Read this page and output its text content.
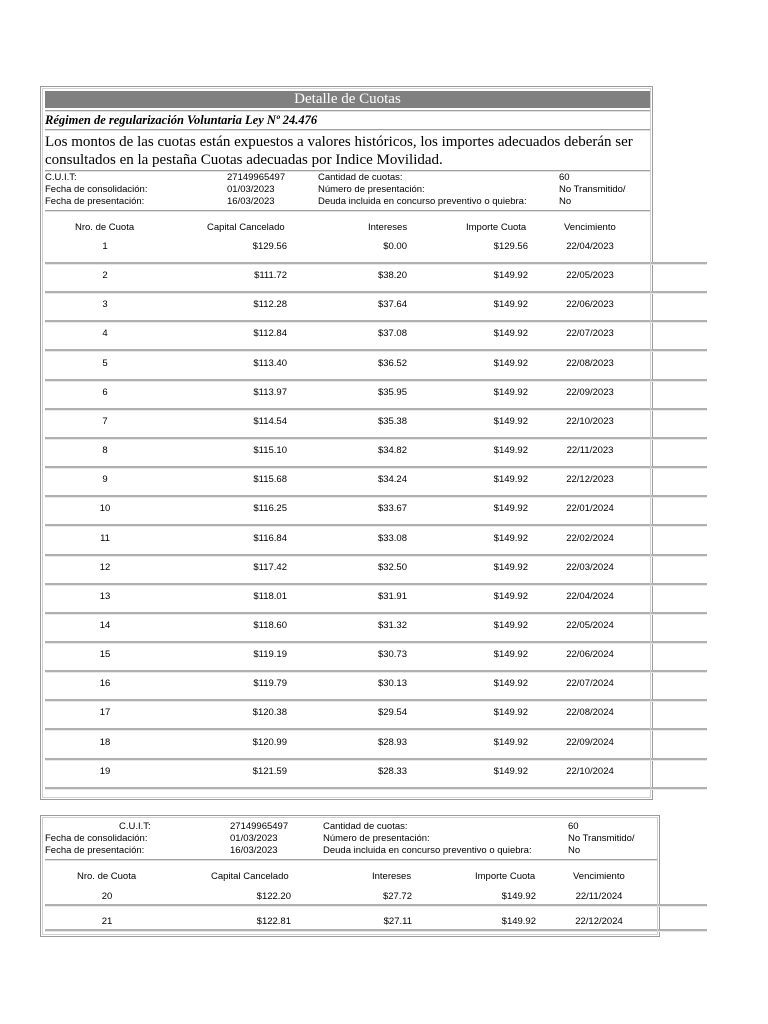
Detalle de Cuotas
Régimen de regularización Voluntaria Ley Nº 24.476
Los montos de las cuotas están expuestos a valores históricos, los importes adecuados deberán ser
consultados en la pestaña Cuotas adecuadas por Indice Movilidad.
C.U.I.T:	27149965497	Cantidad de cuotas:	60
Fecha de consolidación:	01/03/2023	Número de presentación:	No Transmitido/
Fecha de presentación:	16/03/2023	Deuda incluida en concurso preventivo o quiebra:	No
Nro. de Cuota	Capital Cancelado	Intereses	Importe Cuota	Vencimiento
1	$129.56	$0.00	$129.56	22/04/2023
2	$111.72	$38.20	$149.92	22/05/2023
3	$112.28	$37.64	$149.92	22/06/2023
4	$112.84	$37.08	$149.92	22/07/2023
5	$113.40	$36.52	$149.92	22/08/2023
6	$113.97	$35.95	$149.92	22/09/2023
7	$114.54	$35.38	$149.92	22/10/2023
8	$115.10	$34.82	$149.92	22/11/2023
9	$115.68	$34.24	$149.92	22/12/2023
10	$116.25	$33.67	$149.92	22/01/2024
11	$116.84	$33.08	$149.92	22/02/2024
12	$117.42	$32.50	$149.92	22/03/2024
13	$118.01	$31.91	$149.92	22/04/2024
14	$118.60	$31.32	$149.92	22/05/2024
15	$119.19	$30.73	$149.92	22/06/2024
16	$119.79	$30.13	$149.92	22/07/2024
17	$120.38	$29.54	$149.92	22/08/2024
18	$120.99	$28.93	$149.92	22/09/2024
19	$121.59	$28.33	$149.92	22/10/2024
C.U.I.T:	27149965497	Cantidad de cuotas:	60
Fecha de consolidación:	01/03/2023	Número de presentación:	No Transmitido/
Fecha de presentación:	16/03/2023	Deuda incluida en concurso preventivo o quiebra:	No
Nro. de Cuota	Capital Cancelado	Intereses	Importe Cuota	Vencimiento
20	$122.20	$27.72	$149.92	22/11/2024
21	$122.81	$27.11	$149.92	22/12/2024
